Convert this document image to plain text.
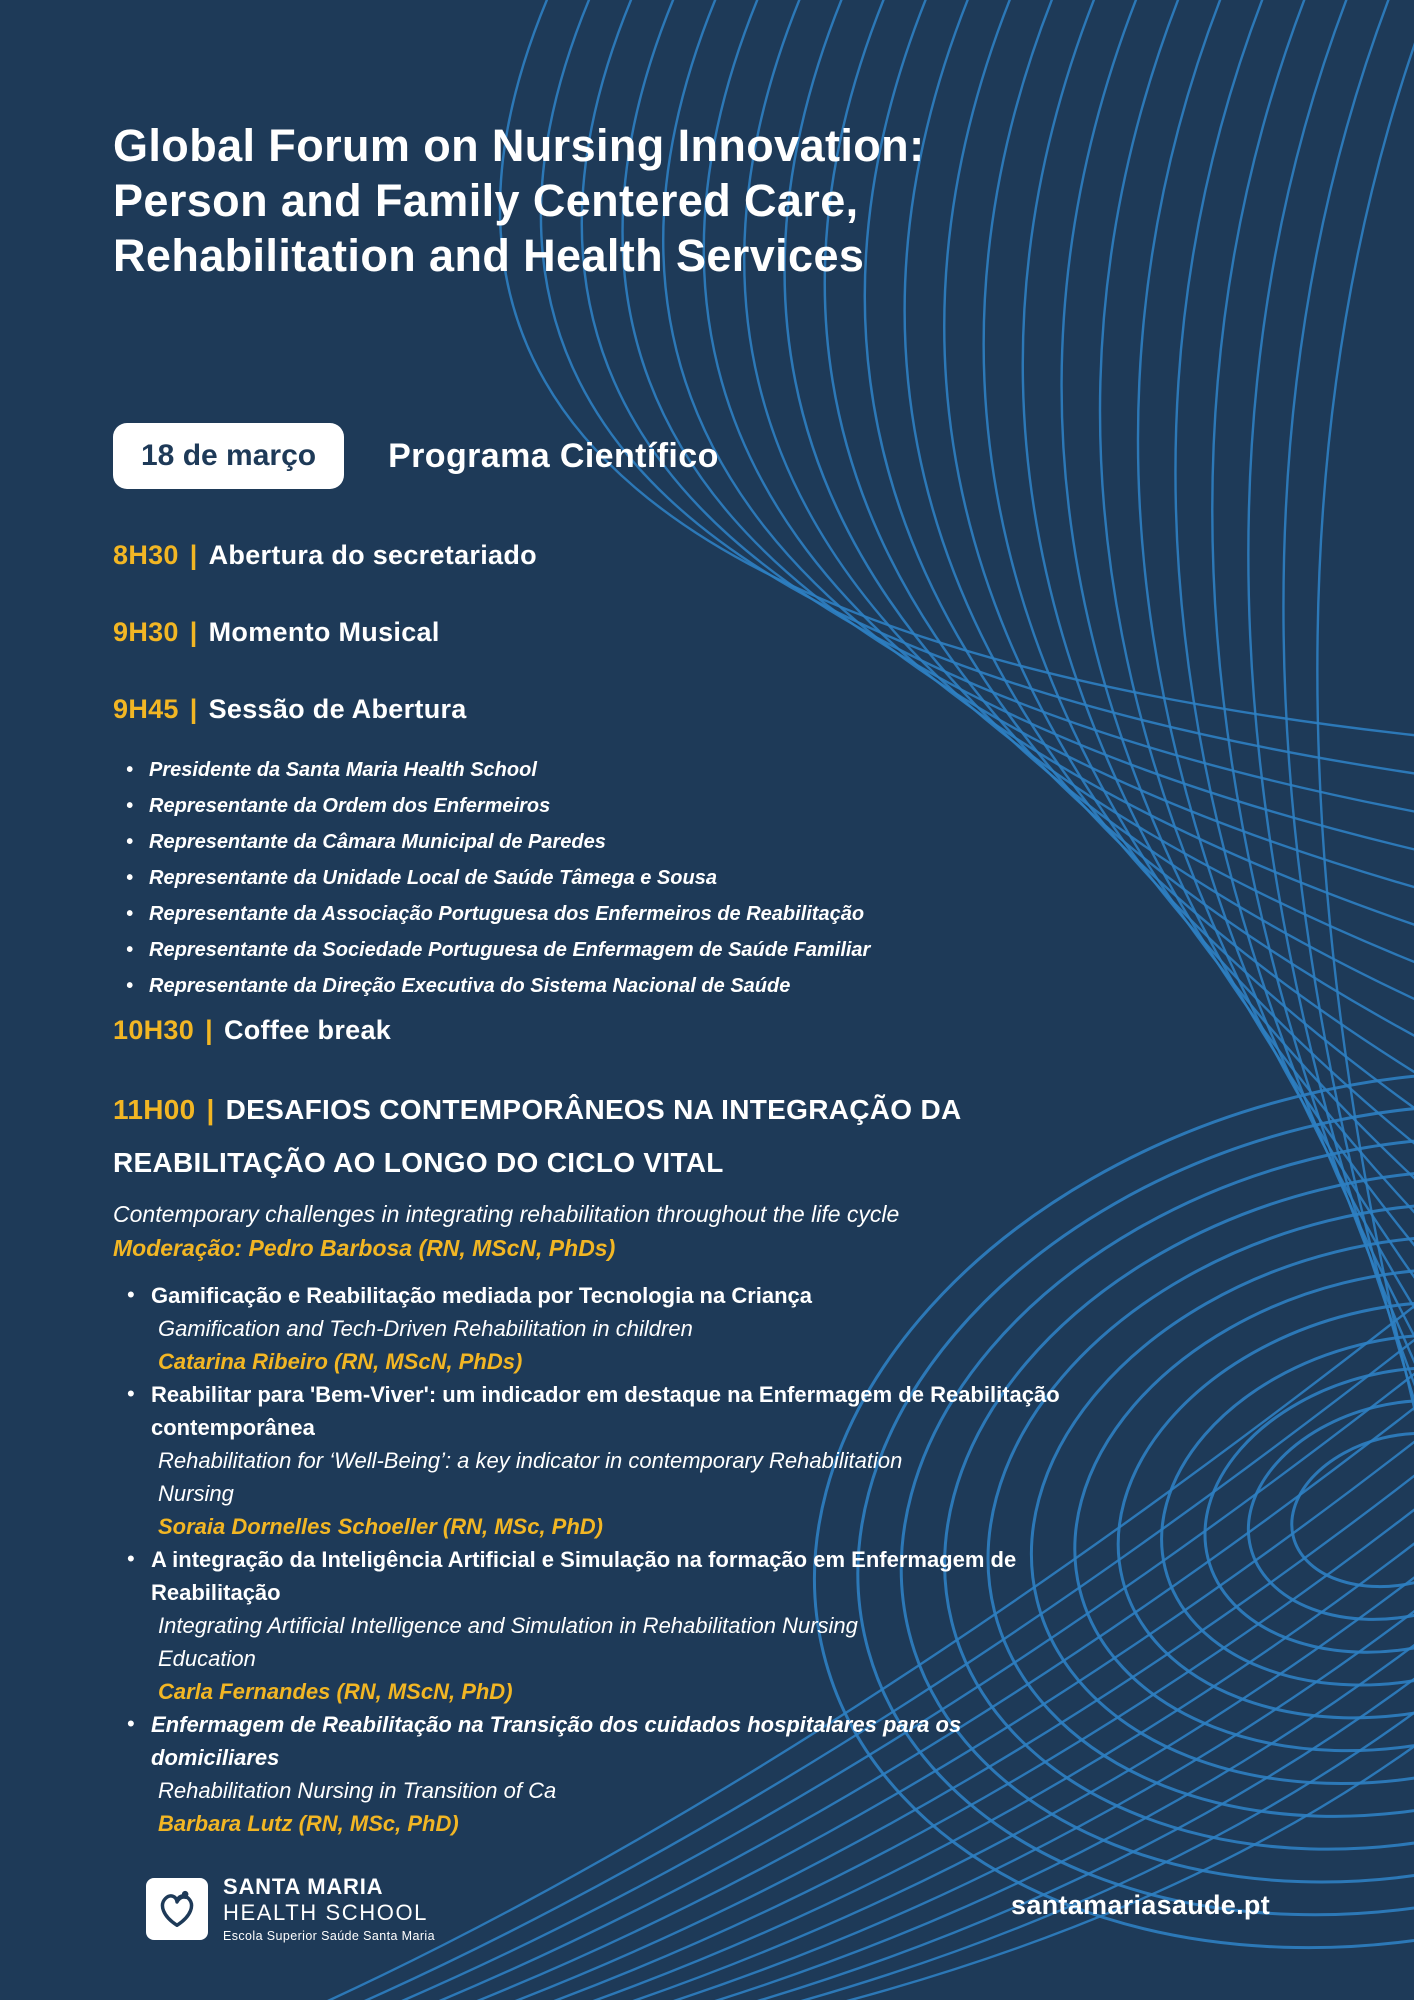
Global Forum on Nursing Innovation:
Person and Family Centered Care,
Rehabilitation and Health Services
18 de março	Programa Científico
8H30 | Abertura do secretariado
9H30 | Momento Musical
9H45 | Sessão de Abertura
• Presidente da Santa Maria Health School
• Representante da Ordem dos Enfermeiros
• Representante da Câmara Municipal de Paredes
• Representante da Unidade Local de Saúde Tâmega e Sousa
• Representante da Associação Portuguesa dos Enfermeiros de Reabilitação
• Representante da Sociedade Portuguesa de Enfermagem de Saúde Familiar
• Representante da Direção Executiva do Sistema Nacional de Saúde
10H30 | Coffee break
11H00 | DESAFIOS CONTEMPORÂNEOS NA INTEGRAÇÃO DA
REABILITAÇÃO AO LONGO DO CICLO VITAL
Contemporary challenges in integrating rehabilitation throughout the life cycle
Moderação: Pedro Barbosa (RN, MScN, PhDs)
• Gamificação e Reabilitação mediada por Tecnologia na Criança
Gamification and Tech-Driven Rehabilitation in children
Catarina Ribeiro (RN, MScN, PhDs)
• Reabilitar para 'Bem-Viver': um indicador em destaque na Enfermagem de Reabilitação
contemporânea
Rehabilitation for ‘Well-Being’: a key indicator in contemporary Rehabilitation
Nursing
Soraia Dornelles Schoeller (RN, MSc, PhD)
• A integração da Inteligência Artificial e Simulação na formação em Enfermagem de
Reabilitação
Integrating Artificial Intelligence and Simulation in Rehabilitation Nursing
Education
Carla Fernandes (RN, MScN, PhD)
• Enfermagem de Reabilitação na Transição dos cuidados hospitalares para os
domiciliares
Rehabilitation Nursing in Transition of Ca
Barbara Lutz (RN, MSc, PhD)
SANTA MARIA
HEALTH SCHOOL
Escola Superior Saúde Santa Maria
santamariasaude.pt
